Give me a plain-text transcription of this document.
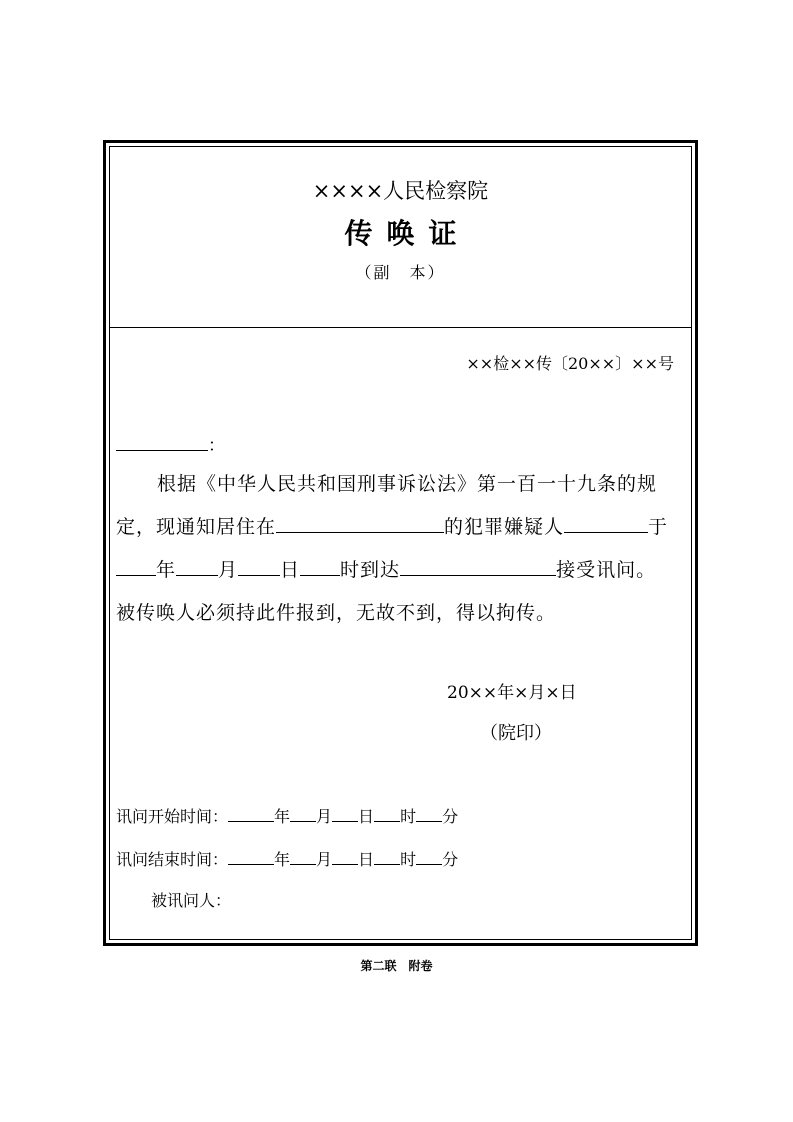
××××人民检察院
传唤证
（副　本）
××检××传〔20××〕××号
：
根据《中华人民共和国刑事诉讼法》第一百一十九条的规
定，现通知居住在	的犯罪嫌疑人	于
年 月 日 时到达	接受讯问。
被传唤人必须持此件报到，无故不到，得以拘传。
20××年×月×日
（院印）
讯问开始时间：	年 月 日 时 分
讯问结束时间：	年 月 日 时 分
被讯问人：
第二联　附卷
